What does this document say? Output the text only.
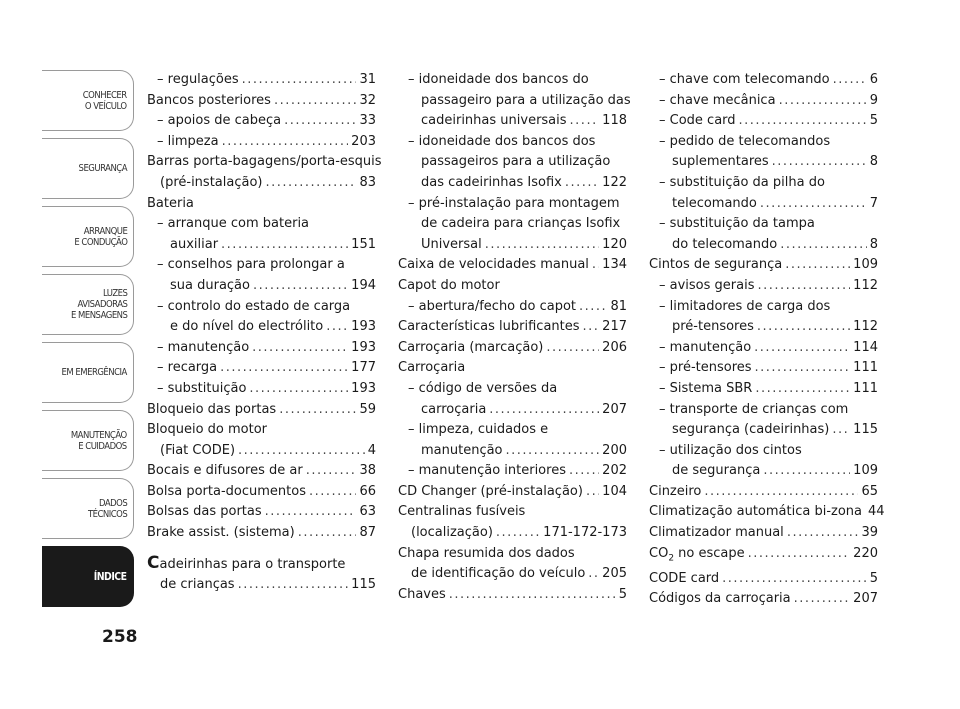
CONHECER
O VEÍCULO
SEGURANÇA
ARRANQUE
E CONDUÇÃO
LUZES
AVISADORAS
E MENSAGENS
EM EMERGÊNCIA
MANUTENÇÃO
E CUIDADOS
DADOS
TÉCNICOS
ÍNDICE
258
– regulações .....	31
Bancos posteriores .....	32
– apoios de cabeça .....	33
– limpeza .....	203
Barras porta-bagagens/porta-esquis
(pré-instalação) .....	83
Bateria
– arranque com bateria
auxiliar .....	151
– conselhos para prolongar a
sua duração .....	194
– controlo do estado de carga
e do nível do electrólito ..... 193
– manutenção .....	193
– recarga .....	177
– substituição .....	193
Bloqueio das portas .....	59
Bloqueio do motor
(Fiat CODE) .....	4
Bocais e difusores de ar .....	38
Bolsa porta-documentos .....	66
Bolsas das portas .....	63
Brake assist. (sistema) .....	87
Cadeirinhas para o transporte
de crianças .....	115
– idoneidade dos bancos do
passageiro para a utilização das
cadeirinhas universais .....	118
– idoneidade dos bancos dos
passageiros para a utilização
das cadeirinhas Isofix .....	122
– pré-instalação para montagem
de cadeira para crianças Isofix
Universal .....	120
Caixa de velocidades manual ..... 134
Capot do motor
– abertura/fecho do capot .....	81
Características lubrificantes ..... 217
Carroçaria (marcação) .....	206
Carroçaria
– código de versões da
carroçaria .....	207
– limpeza, cuidados e
manutenção .....	200
– manutenção interiores .....	202
CD Changer (pré-instalação) ..... 104
Centralinas fusíveis
(localização) .....	171-172-173
Chapa resumida dos dados
de identificação do veículo ..... 205
Chaves .....	5
– chave com telecomando .....	6
– chave mecânica .....	9
– Code card .....	5
– pedido de telecomandos
suplementares .....	8
– substituição da pilha do
telecomando .....	7
– substituição da tampa
do telecomando .....	8
Cintos de segurança .....	109
– avisos gerais .....	112
– limitadores de carga dos
pré-tensores .....	112
– manutenção .....	114
– pré-tensores .....	111
– Sistema SBR .....	111
– transporte de crianças com
segurança (cadeirinhas) ..... 115
– utilização dos cintos
de segurança .....	109
Cinzeiro .....	65
Climatização automática bi-zona 44
Climatizador manual .....	39
$CO_2$ no escape .....	220
CODE card .....	5
Códigos da carroçaria .....	207
